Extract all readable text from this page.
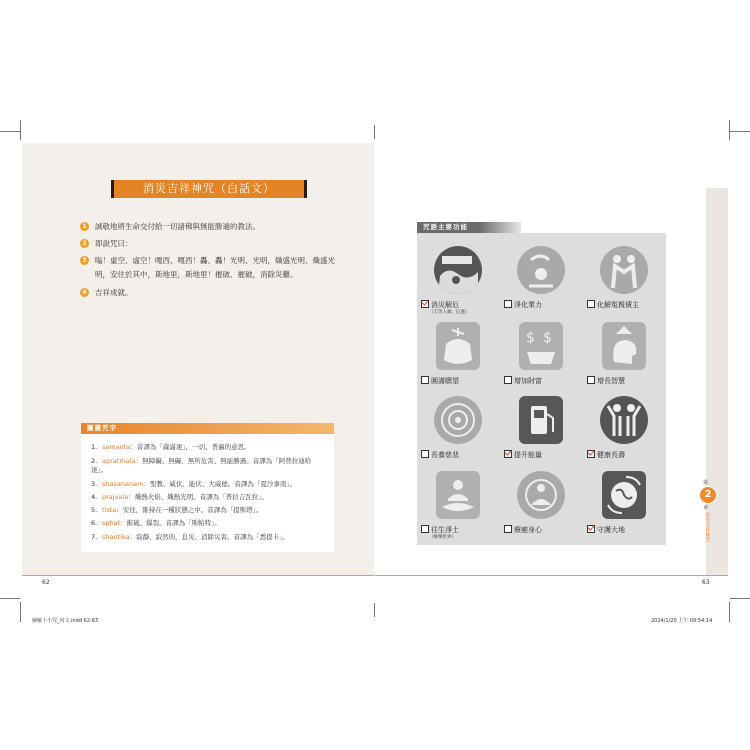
消災吉祥神咒（白話文）
1	誠敬地將生命交付給一切諸佛與無能勝過的教法。
2	即說咒曰：
3	嗡！虛空、虛空！嘎西、嘎西！轟、轟！光明、光明，熾盛光明、熾盛光明，安住於其中，斯地里，斯地里！摧破、摧破，消除災難。
4	吉祥成就。
關鍵咒字
1. samanta：音譯為「薩滿達」，一切、普遍的意思。
2. apratihata：無障礙、無礙、無所危害、無能勝過。音譯為「阿普拉迪哈達」。
3. shasananam：聖教、威伏、能伏、大威德。音譯為「夏沙拿南」。
4. prajvala：熾熱火焰、熾熱光明。音譯為「普拉吉瓦拉」。
5. tista：安住，維持在一種狀態之中。音譯為「提斯塔」。
6. sphat：摧破、爆裂。音譯為「斯帕特」。
7. shantika：寂靜、寂然的，息災、消除災害。音譯為「悉提卡」。
62
咒語主要功能
消災解厄
（天災人禍、厄運）
淨化業力	化解冤親債主
圓滿願望
$ $
增加財富	增長智慧
長養慈悲	提升能量	健康長壽
往生淨土
（極樂世界）
療癒身心	守護大地
第
2
章
消災吉祥神咒
63
圖解十小咒_內文.indd 62-63	2024/1/20 上午 09:54:14
